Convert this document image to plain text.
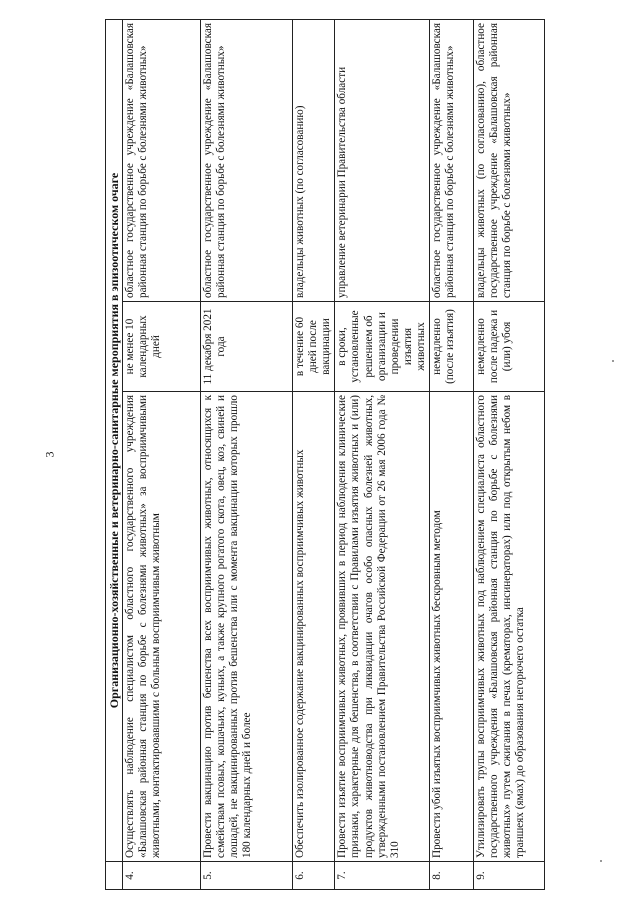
3
		Организационно-хозяйственные и ветеринарно-санитарные мероприятия в эпизоотическом очаге		
4.	Осуществлять наблюдение специалистом областного государственного учреждения «Балашовская районная станция по борьбе с болезнями животных» за восприимчивыми животными, контактировавшими с больным восприимчивым животным	не менее 10 календарных дней	областное государственное учреждение «Балашовская районная станция по борьбе с болезнями животных»
5.	Провести вакцинацию против бешенства всех восприимчивых животных, относящихся к семействам псовых, кошачьих, куньих, а также крупного рогатого скота, овец, коз, свиней и лошадей, не вакцинированных против бешенства или с момента вакцинации которых прошло 180 календарных дней и более	11 декабря 2021 года	областное государственное учреждение «Балашовская районная станция по борьбе с болезнями животных»
6.	Обеспечить изолированное содержание вакцинированных восприимчивых животных	в течение 60 дней после вакцинации	владельцы животных (по согласованию)
7.	Провести изъятие восприимчивых животных, проявивших в период наблюдения клинические признаки, характерные для бешенства, в соответствии с Правилами изъятия животных и (или) продуктов животноводства при ликвидации очагов особо опасных болезней животных, утвержденными постановлением Правительства Российской Федерации от 26 мая 2006 года № 310	в сроки, установленные решением об организации и проведении изъятия животных	управление ветеринарии Правительства области
8.	Провести убой изъятых восприимчивых животных бескровным методом	немедленно (после изъятия)	областное государственное учреждение «Балашовская районная станция по борьбе с болезнями животных»
9.	Утилизировать трупы восприимчивых животных под наблюдением специалиста областного государственного учреждения «Балашовская районная станция по борьбе с болезнями животных» путем сжигания в печах (крематорах, инсинераторах) или под открытым небом в траншеях (ямах) до образования негорючего остатка	немедленно после падежа и (или) убоя	владельцы животных (по согласованию), областное государственное учреждение «Балашовская районная станция по борьбе с болезнями животных»
